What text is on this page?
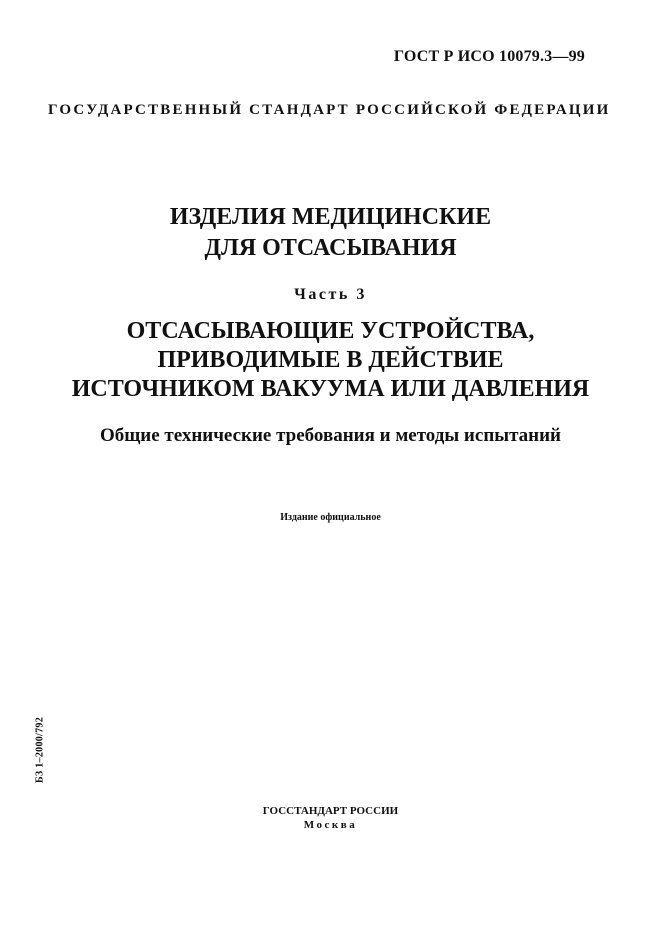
ГОСТ Р ИСО 10079.3—99
ГОСУДАРСТВЕННЫЙ СТАНДАРТ РОССИЙСКОЙ ФЕДЕРАЦИИ
ИЗДЕЛИЯ МЕДИЦИНСКИЕ
ДЛЯ ОТСАСЫВАНИЯ
Часть 3
ОТСАСЫВАЮЩИЕ УСТРОЙСТВА,
ПРИВОДИМЫЕ В ДЕЙСТВИЕ
ИСТОЧНИКОМ ВАКУУМА ИЛИ ДАВЛЕНИЯ
Общие технические требования и методы испытаний
Издание официальное
БЗ 1–2000/792
ГОССТАНДАРТ РОССИИ
Москва
